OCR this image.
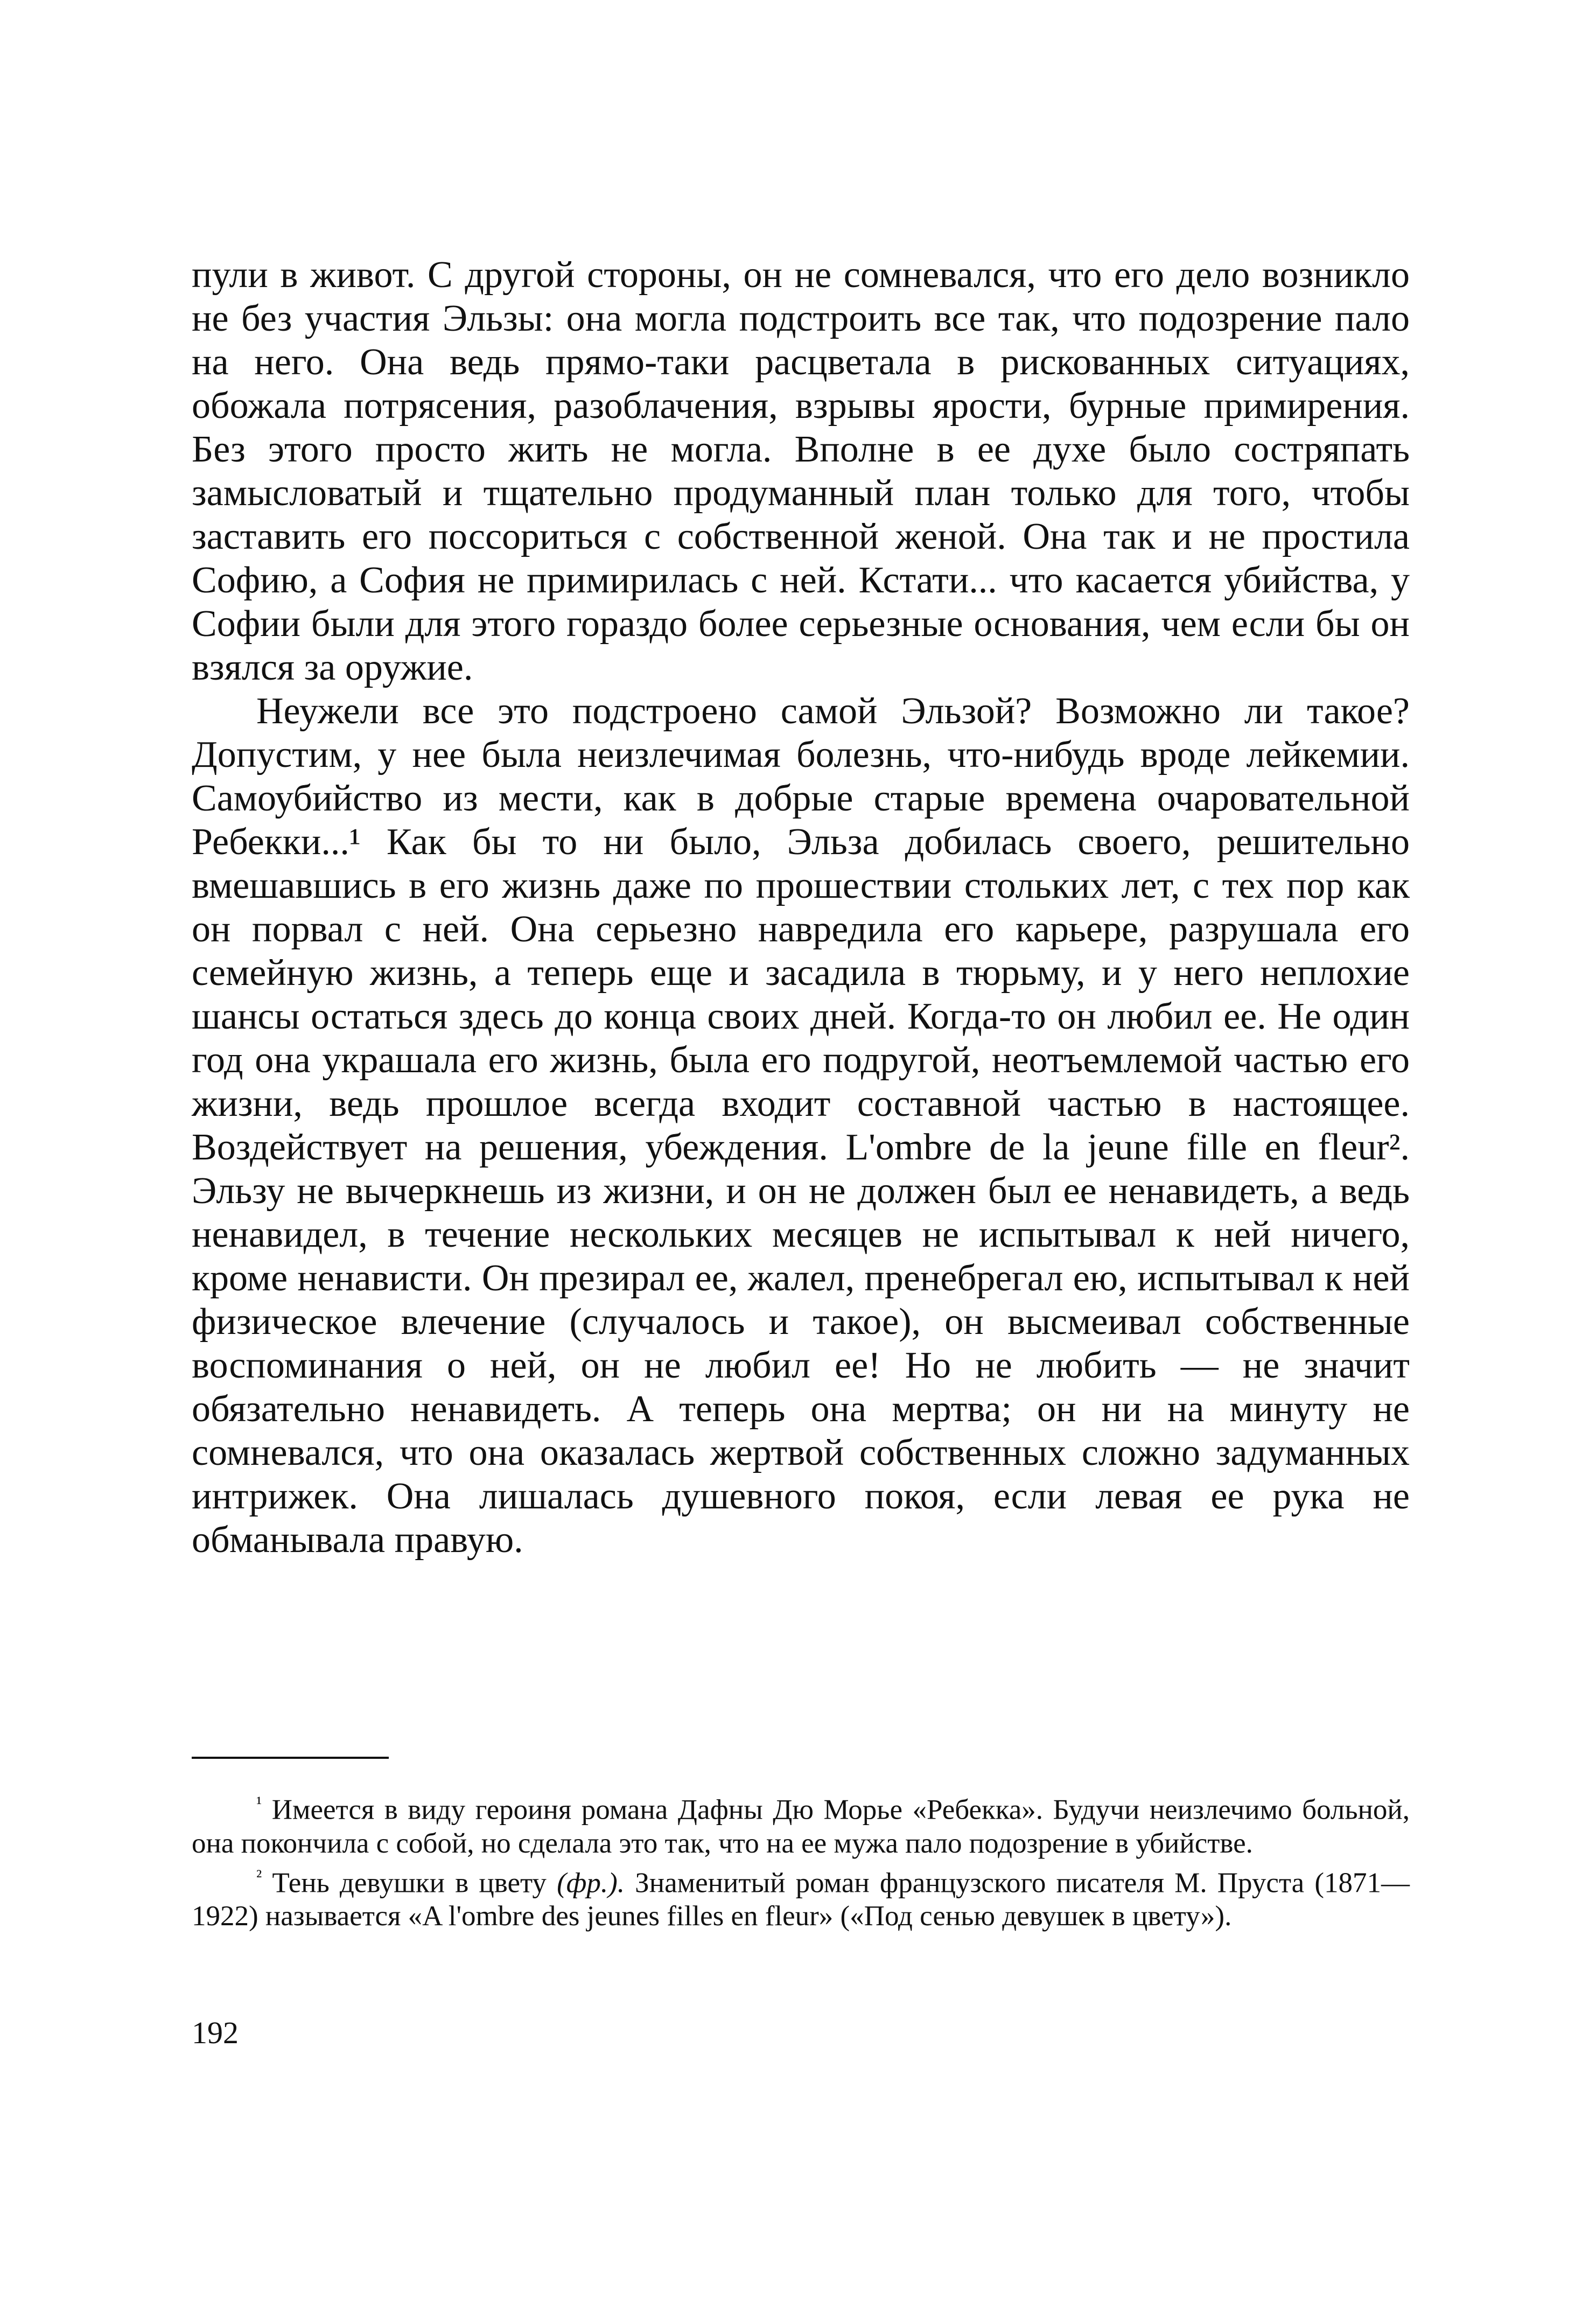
пули в живот. С другой стороны, он не сомневался, что его дело возникло не без участия Эльзы: она могла подстроить все так, что подозрение пало на него. Она ведь прямо-таки расцветала в рискованных ситуациях, обожала потрясения, разоблачения, взрывы ярости, бурные примирения. Без этого просто жить не могла. Вполне в ее духе было состряпать замысловатый и тщательно продуманный план только для того, чтобы заставить его поссориться с собственной женой. Она так и не простила Софию, а София не примирилась с ней. Кстати... что касается убийства, у Софии были для этого гораздо более серьезные основания, чем если бы он взялся за оружие.

Неужели все это подстроено самой Эльзой? Возможно ли такое? Допустим, у нее была неизлечимая болезнь, что-нибудь вроде лейкемии. Самоубийство из мести, как в добрые старые времена очаровательной Ребекки...¹ Как бы то ни было, Эльза добилась своего, решительно вмешавшись в его жизнь даже по прошествии стольких лет, с тех пор как он порвал с ней. Она серьезно навредила его карьере, разрушала его семейную жизнь, а теперь еще и засадила в тюрьму, и у него неплохие шансы остаться здесь до конца своих дней. Когда-то он любил ее. Не один год она украшала его жизнь, была его подругой, неотъемлемой частью его жизни, ведь прошлое всегда входит составной частью в настоящее. Воздействует на решения, убеждения. L'ombre de la jeune fille en fleur². Эльзу не вычеркнешь из жизни, и он не должен был ее ненавидеть, а ведь ненавидел, в течение нескольких месяцев не испытывал к ней ничего, кроме ненависти. Он презирал ее, жалел, пренебрегал ею, испытывал к ней физическое влечение (случалось и такое), он высмеивал собственные воспоминания о ней, он не любил ее! Но не любить — не значит обязательно ненавидеть. А теперь она мертва; он ни на минуту не сомневался, что она оказалась жертвой собственных сложно задуманных интрижек. Она лишалась душевного покоя, если левая ее рука не обманывала правую.

$^{^1}$ Имеется в виду героиня романа Дафны Дю Морье «Ребекка». Будучи неизлечимо больной, она покончила с собой, но сделала это так, что на ее мужа пало подозрение в убийстве.

$^{^2}$ Тень девушки в цвету (фр.). Знаменитый роман французского писателя М. Пруста (1871—1922) называется «A l'ombre des jeunes filles en fleur» («Под сенью девушек в цвету»).

192
